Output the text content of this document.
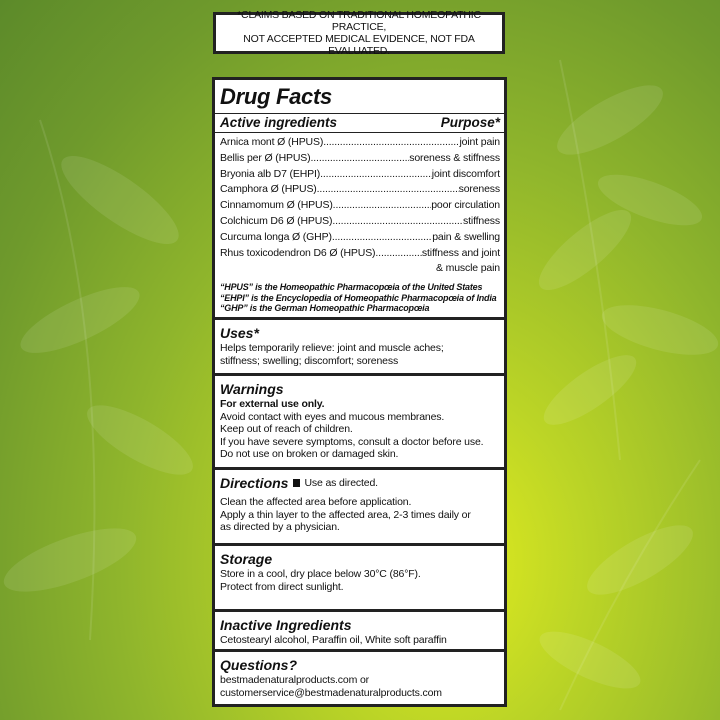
*CLAIMS BASED ON TRADITIONAL HOMEOPATHIC PRACTICE,
NOT ACCEPTED MEDICAL EVIDENCE, NOT FDA EVALUATED.
Drug Facts
Active ingredients	Purpose*
Arnica mont Ø (HPUS) .....	joint pain
Bellis per Ø (HPUS) .....	soreness & stiffness
Bryonia alb D7 (EHPI) .....	joint discomfort
Camphora Ø (HPUS) .....	soreness
Cinnamomum Ø (HPUS) .....	poor circulation
Colchicum D6 Ø (HPUS) .....	stiffness
Curcuma longa Ø (GHP) .....	pain & swelling
Rhus toxicodendron D6 Ø (HPUS) .....	stiffness and joint
& muscle pain
“HPUS” is the Homeopathic Pharmacopœia of the United States
“EHPI” is the Encyclopedia of Homeopathic Pharmacopœia of India
“GHP” is the German Homeopathic Pharmacopœia
Uses*
Helps temporarily relieve: joint and muscle aches;
stiffness; swelling; discomfort; soreness
Warnings
For external use only.
Avoid contact with eyes and mucous membranes.
Keep out of reach of children.
If you have severe symptoms, consult a doctor before use.
Do not use on broken or damaged skin.
Directions Use as directed.
Clean the affected area before application.
Apply a thin layer to the affected area, 2-3 times daily or
as directed by a physician.
Storage
Store in a cool, dry place below 30°C (86°F).
Protect from direct sunlight.
Inactive Ingredients
Cetostearyl alcohol, Paraffin oil, White soft paraffin
Questions?
bestmadenaturalproducts.com or
customerservice@bestmadenaturalproducts.com
